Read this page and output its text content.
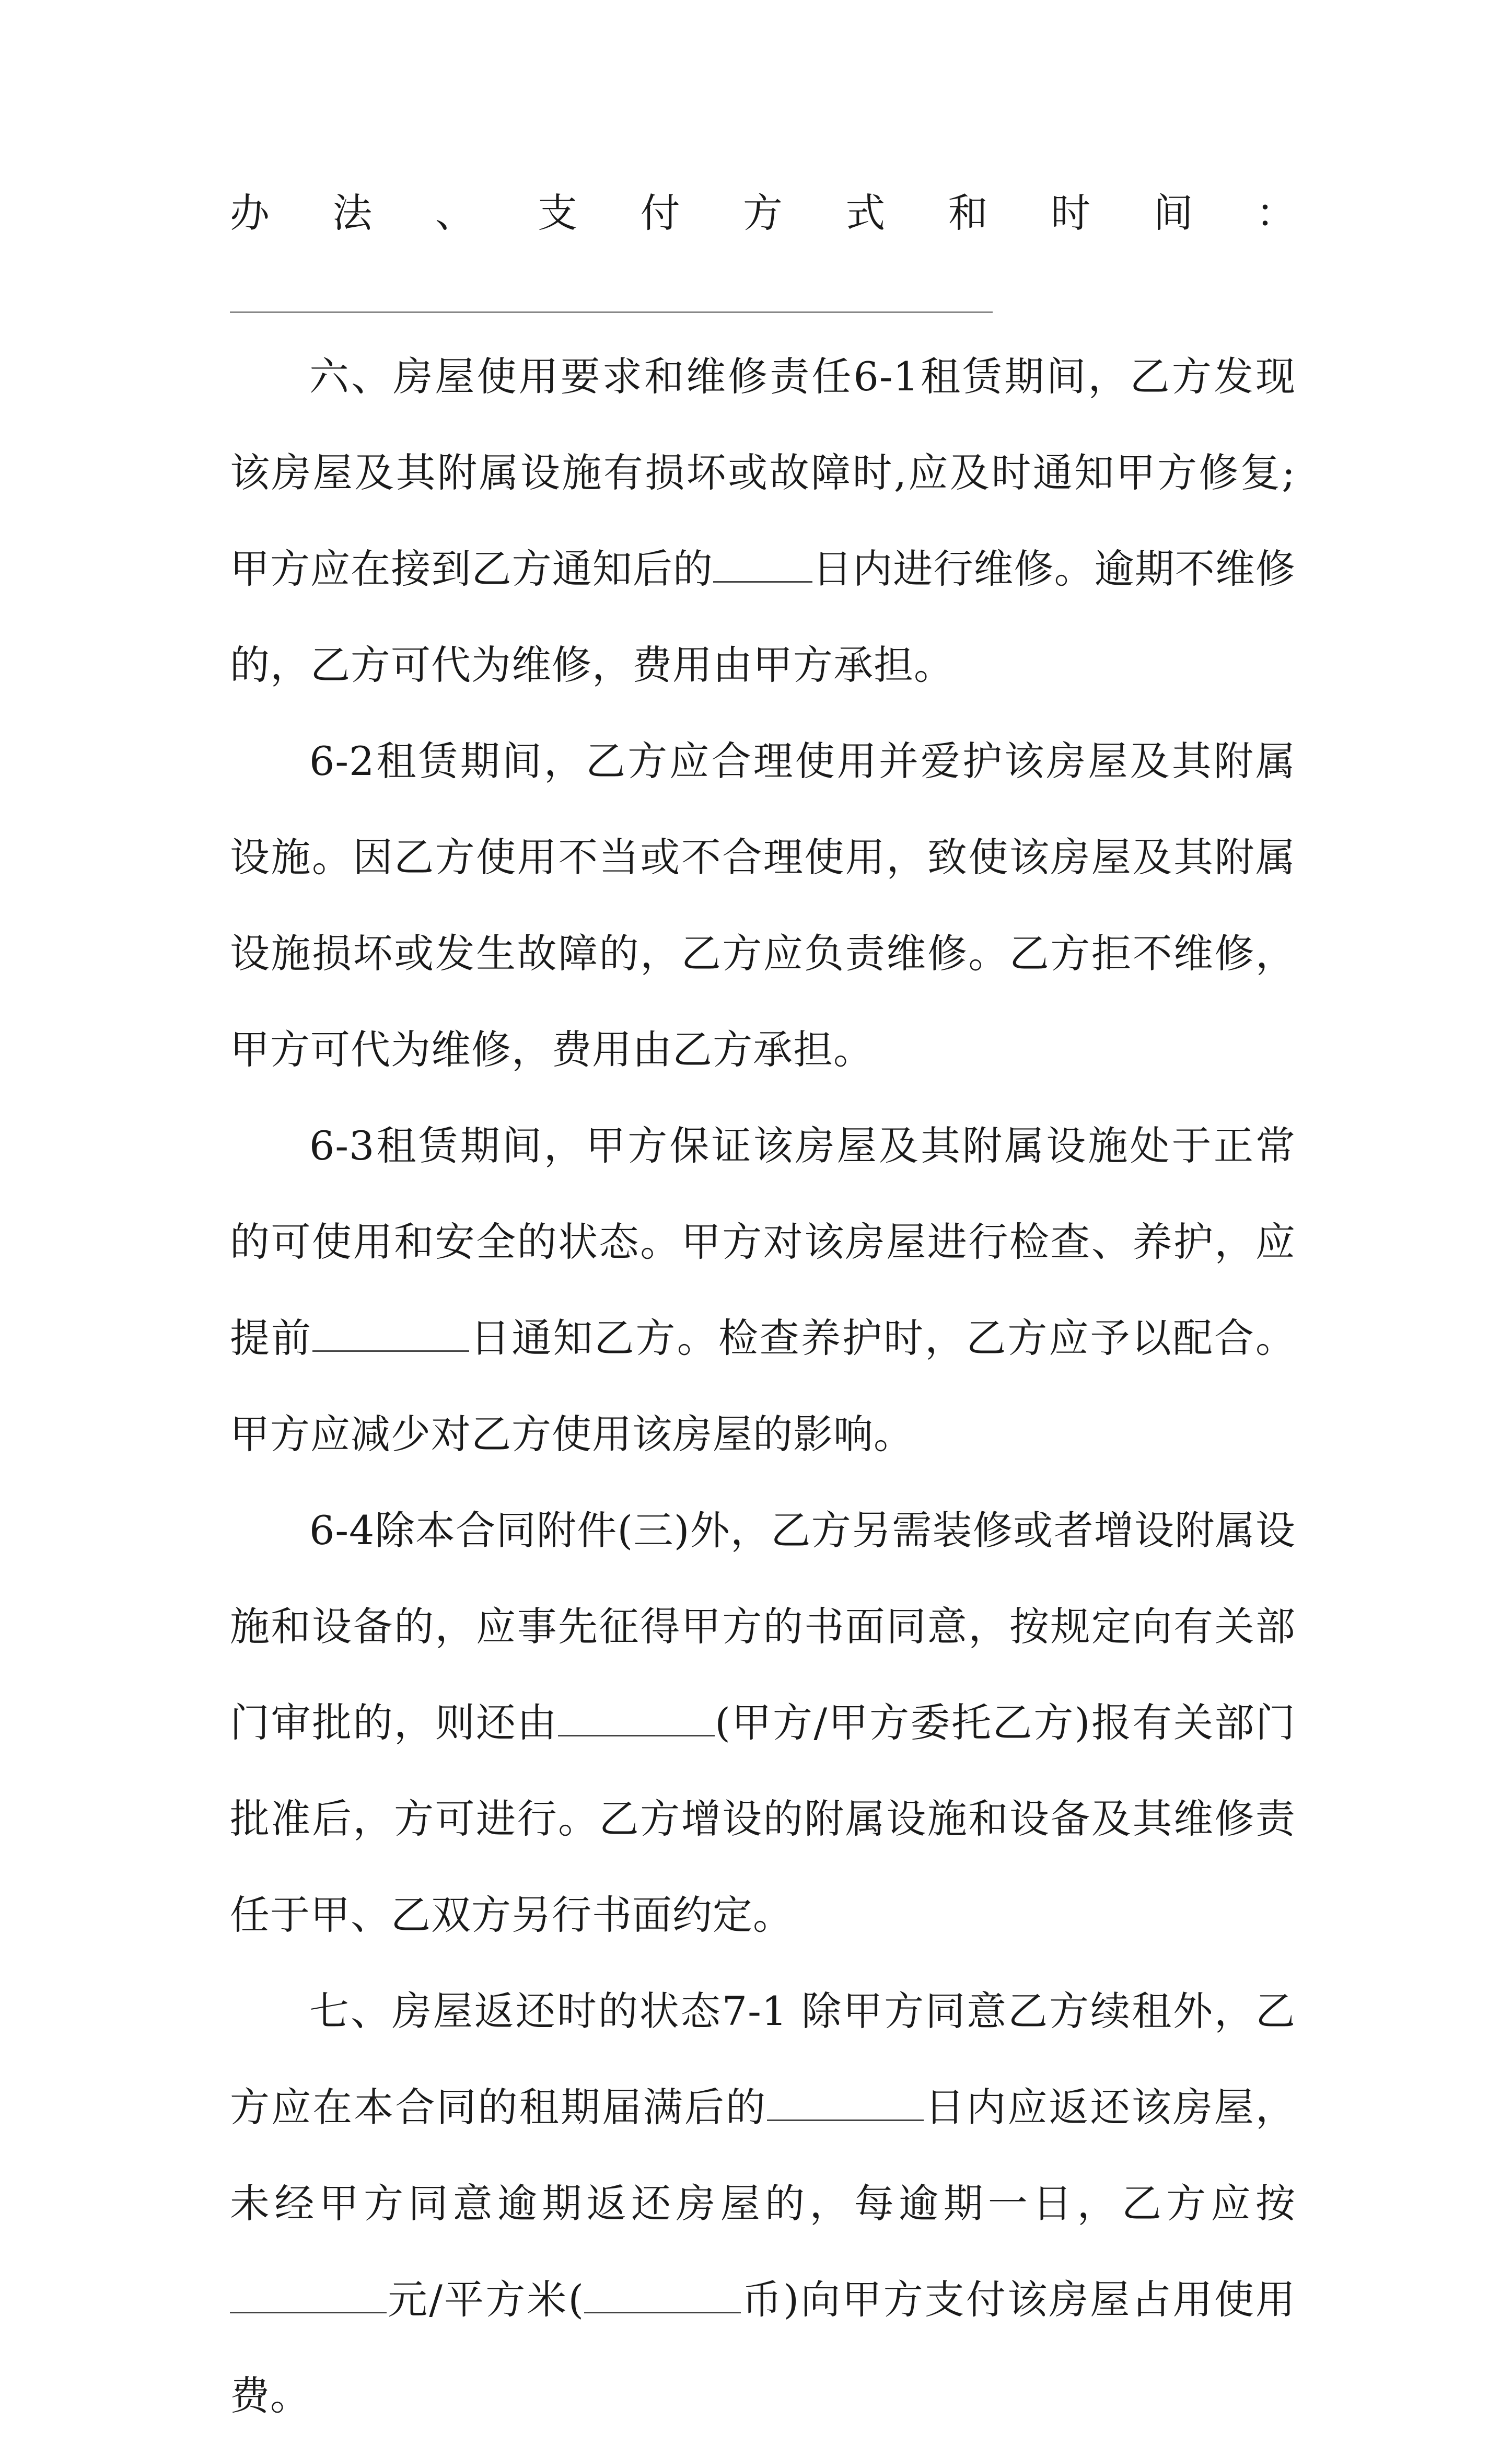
办 法 、 支 付 方 式 和 时 间 ：

六、房屋使用要求和维修责任6-1租赁期间，乙方发现该房屋及其附属设施有损坏或故障时,应及时通知甲方修复;甲方应在接到乙方通知后的	日内进行维修。逾期不维修的，乙方可代为维修，费用由甲方承担。

6-2租赁期间，乙方应合理使用并爱护该房屋及其附属设施。因乙方使用不当或不合理使用，致使该房屋及其附属设施损坏或发生故障的，乙方应负责维修。乙方拒不维修，甲方可代为维修，费用由乙方承担。

6-3租赁期间，甲方保证该房屋及其附属设施处于正常的可使用和安全的状态。甲方对该房屋进行检查、养护，应提前	日通知乙方。检查养护时，乙方应予以配合。甲方应减少对乙方使用该房屋的影响。

6-4除本合同附件(三)外，乙方另需装修或者增设附属设施和设备的，应事先征得甲方的书面同意，按规定向有关部门审批的，则还由	(甲方/甲方委托乙方)报有关部门批准后，方可进行。乙方增设的附属设施和设备及其维修责任于甲、乙双方另行书面约定。

七、房屋返还时的状态7-1 除甲方同意乙方续租外，乙方应在本合同的租期届满后的	日内应返还该房屋，未经甲方同意逾期返还房屋的，每逾期一日，乙方应按元/平方米(	币)向甲方支付该房屋占用使用费。
